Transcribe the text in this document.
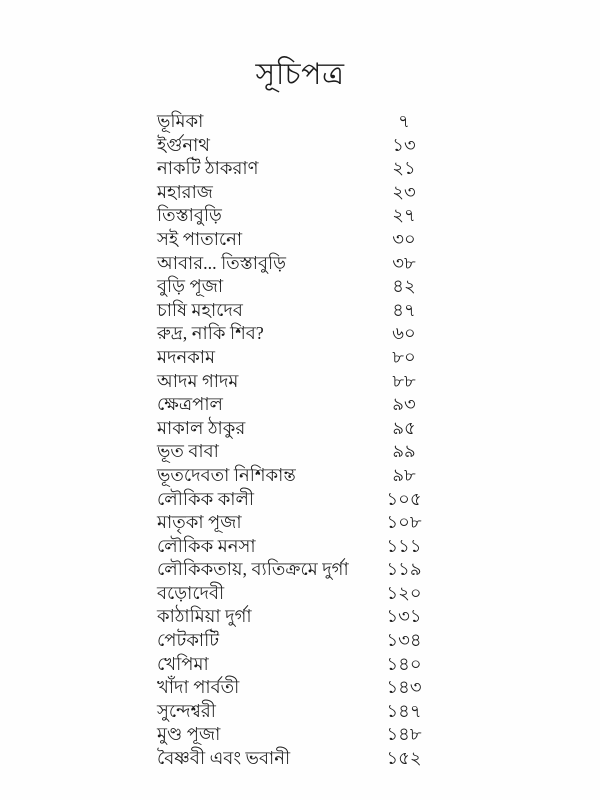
সূচিপত্র
ভূমিকা	৭
ইর্গুনাথ	১৩
নাকটি ঠাকরাণ	২১
মহারাজ	২৩
তিস্তাবুড়ি	২৭
সই পাতানো	৩০
আবার... তিস্তাবুড়ি	৩৮
বুড়ি পূজা	৪২
চাষি মহাদেব	৪৭
রুদ্র, নাকি শিব?	৬০
মদনকাম	৮০
আদম গাদম	৮৮
ক্ষেত্রপাল	৯৩
মাকাল ঠাকুর	৯৫
ভূত বাবা	৯৯
ভূতদেবতা নিশিকান্ত	৯৮
লৌকিক কালী	১০৫
মাতৃকা পূজা	১০৮
লৌকিক মনসা	১১১
লৌকিকতায়, ব্যতিক্রমে দুর্গা	১১৯
বড়োদেবী	১২০
কাঠামিয়া দুর্গা	১৩১
পেটকাটি	১৩৪
খেপিমা	১৪০
খাঁদা পার্বতী	১৪৩
সুন্দেশ্বরী	১৪৭
মুণ্ড পূজা	১৪৮
বৈষ্ণবী এবং ভবানী	১৫২
